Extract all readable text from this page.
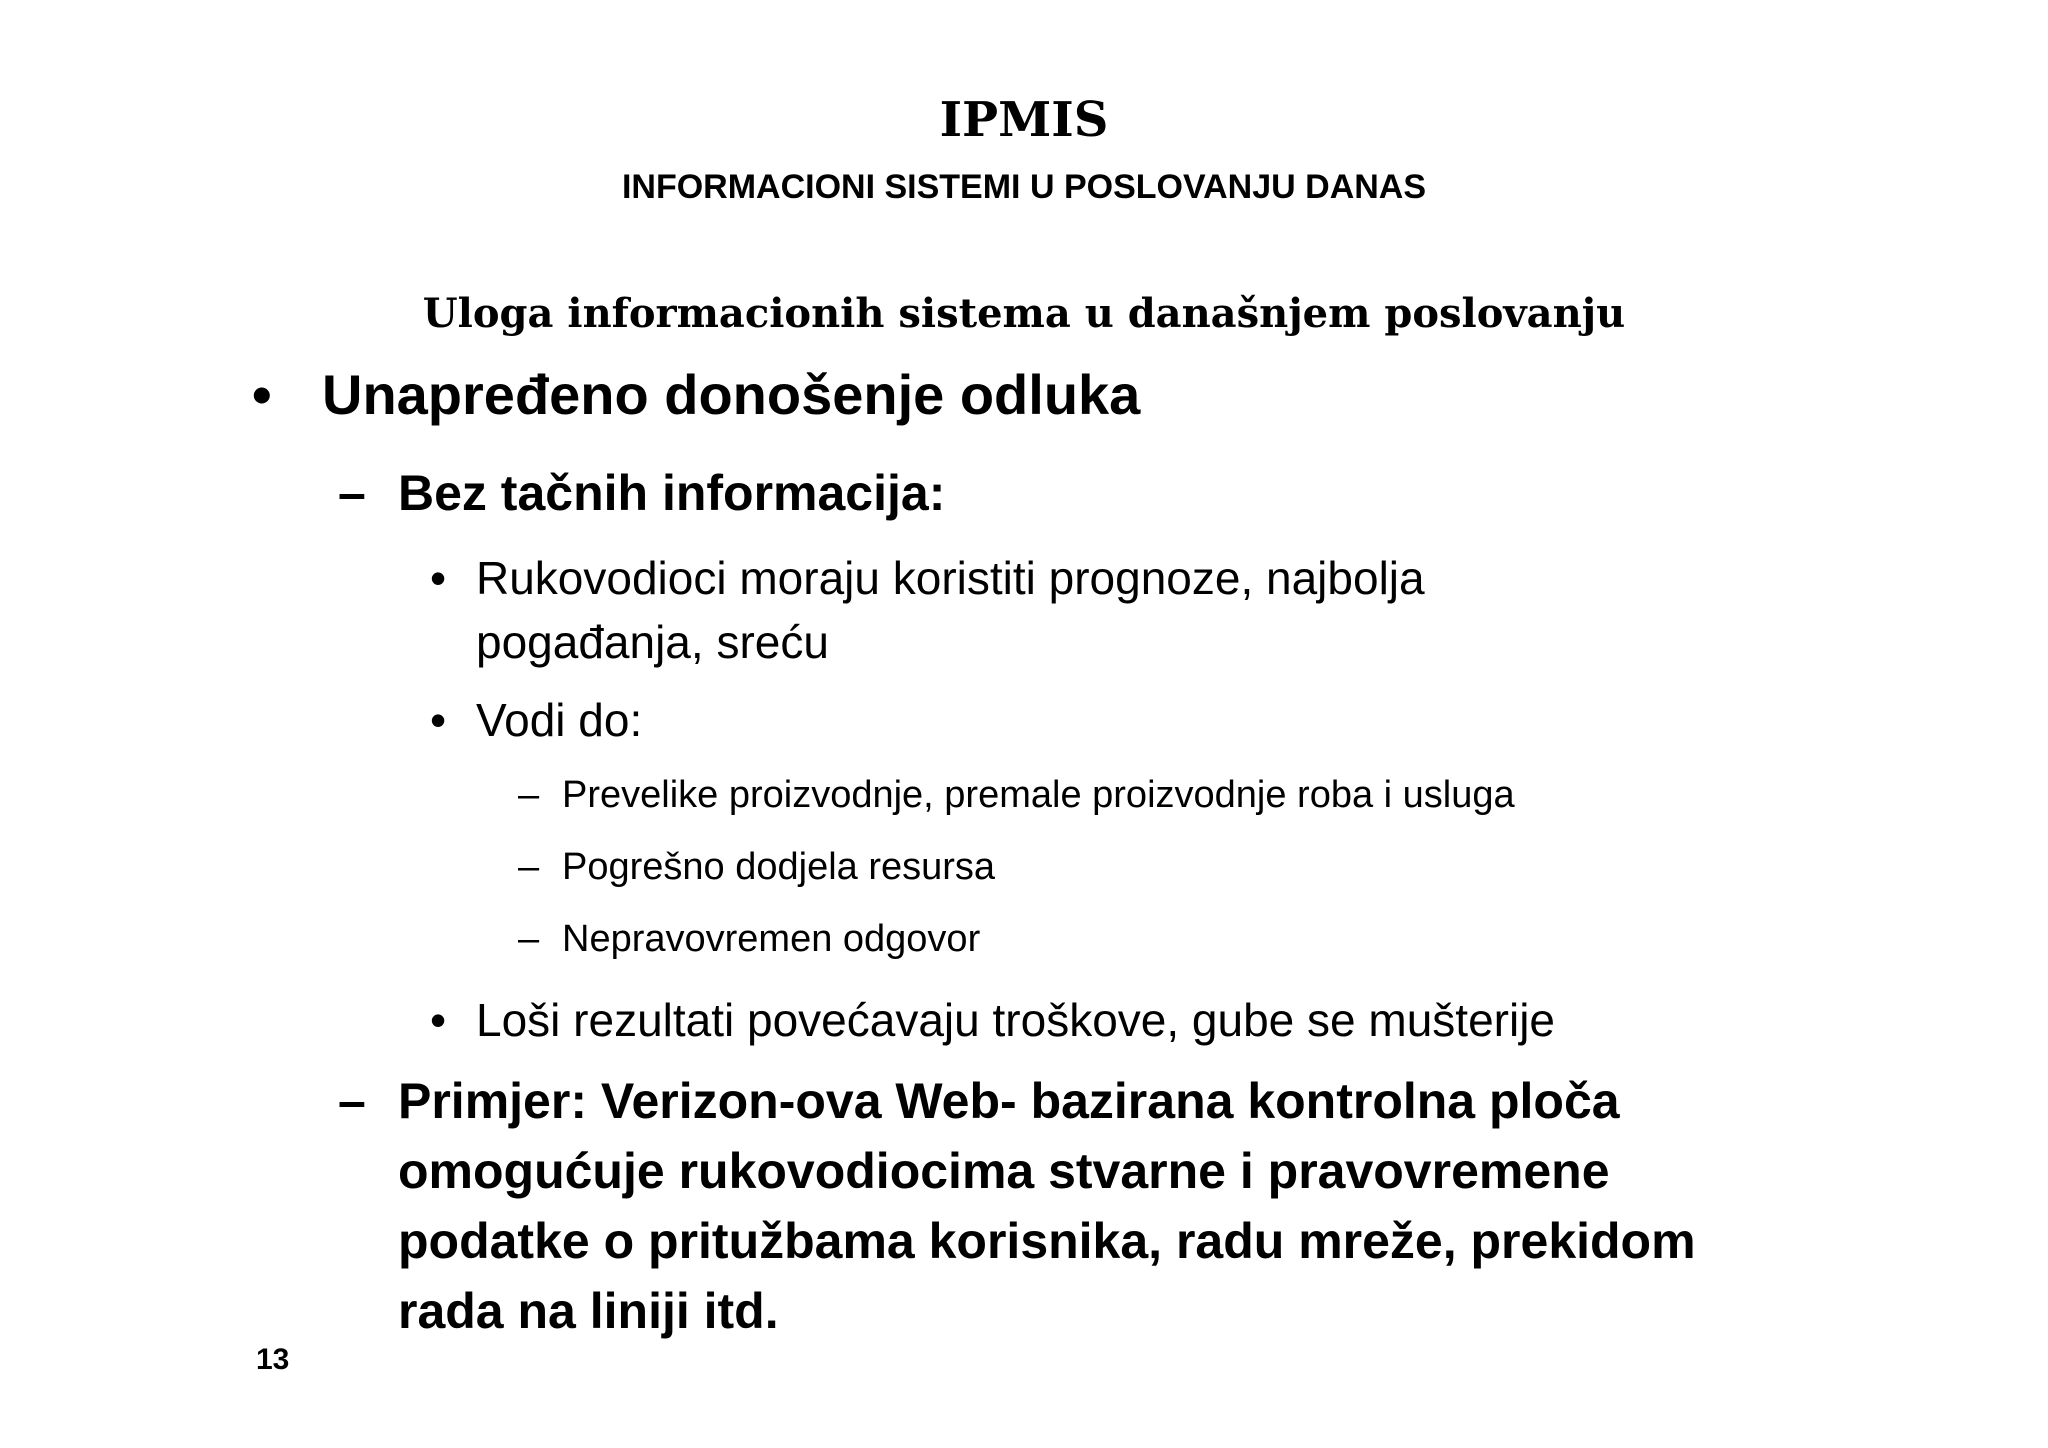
IPMIS
INFORMACIONI SISTEMI U POSLOVANJU DANAS
Uloga informacionih sistema u današnjem poslovanju
• Unapređeno donošenje odluka
– Bez tačnih informacija:
• Rukovodioci moraju koristiti prognoze, najbolja
pogađanja, sreću
• Vodi do:
– Prevelike proizvodnje, premale proizvodnje roba i usluga
– Pogrešno dodjela resursa
– Nepravovremen odgovor
• Loši rezultati povećavaju troškove, gube se mušterije
– Primjer: Verizon-ova Web- bazirana kontrolna ploča
omogućuje rukovodiocima stvarne i pravovremene
podatke o pritužbama korisnika, radu mreže, prekidom
rada na liniji itd.
13
